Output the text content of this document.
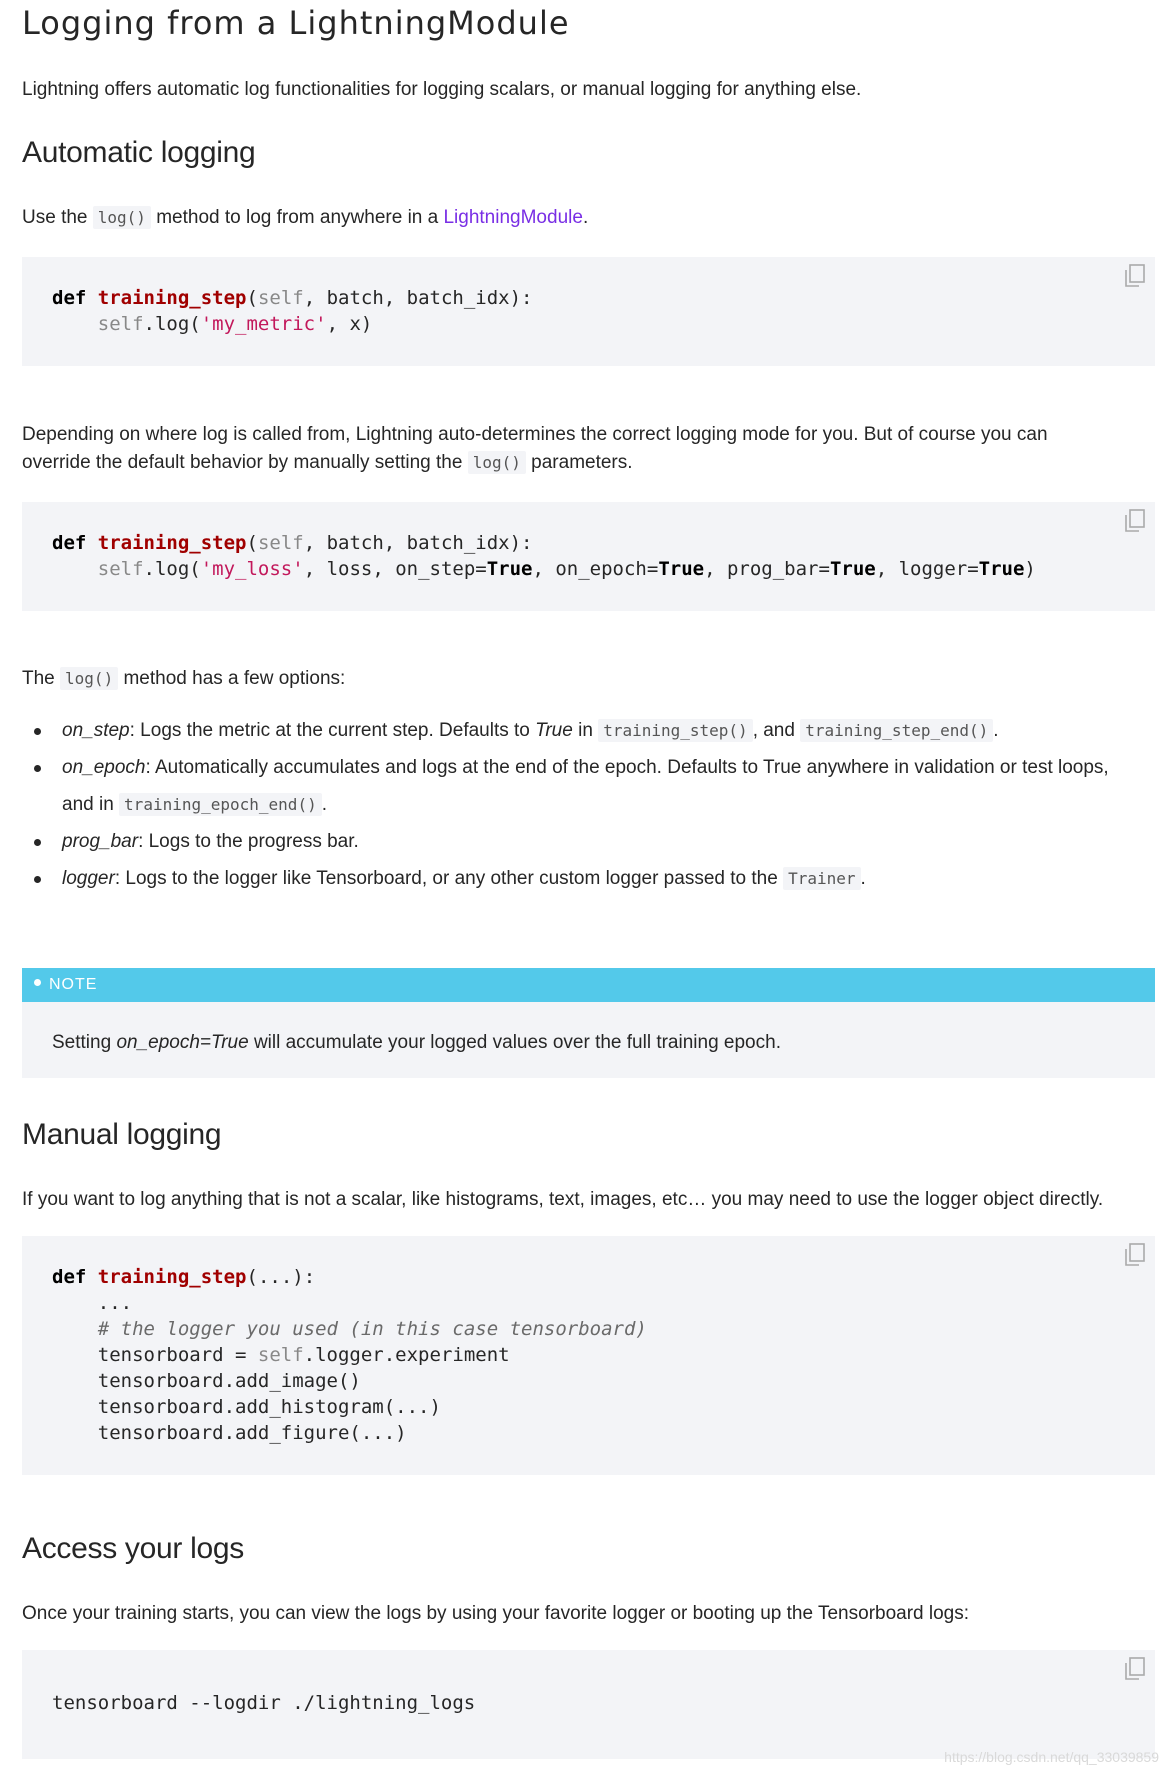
Logging from a LightningModule

Lightning offers automatic log functionalities for logging scalars, or manual logging for anything else.

Automatic logging

Use the log() method to log from anywhere in a LightningModule.

def training_step(self, batch, batch_idx):
self.log('my_metric', x)

Depending on where log is called from, Lightning auto-determines the correct logging mode for you. But of course you can
override the default behavior by manually setting the log() parameters.

def training_step(self, batch, batch_idx):
self.log('my_loss', loss, on_step=True, on_epoch=True, prog_bar=True, logger=True)

The log() method has a few options:

on_step: Logs the metric at the current step. Defaults to True in training_step() , and training_step_end() .
on_epoch: Automatically accumulates and logs at the end of the epoch. Defaults to True anywhere in validation or test loops,
and in training_epoch_end() .
prog_bar: Logs to the progress bar.
logger: Logs to the logger like Tensorboard, or any other custom logger passed to the Trainer .
NOTE
Setting on_epoch=True will accumulate your logged values over the full training epoch.
Manual logging

If you want to log anything that is not a scalar, like histograms, text, images, etc… you may need to use the logger object directly.

def training_step(...):
...
# the logger you used (in this case tensorboard)
tensorboard = self.logger.experiment
tensorboard.add_image()
tensorboard.add_histogram(...)
tensorboard.add_figure(...)
Access your logs

Once your training starts, you can view the logs by using your favorite logger or booting up the Tensorboard logs:

tensorboard --logdir ./lightning_logs
https://blog.csdn.net/qq_33039859
